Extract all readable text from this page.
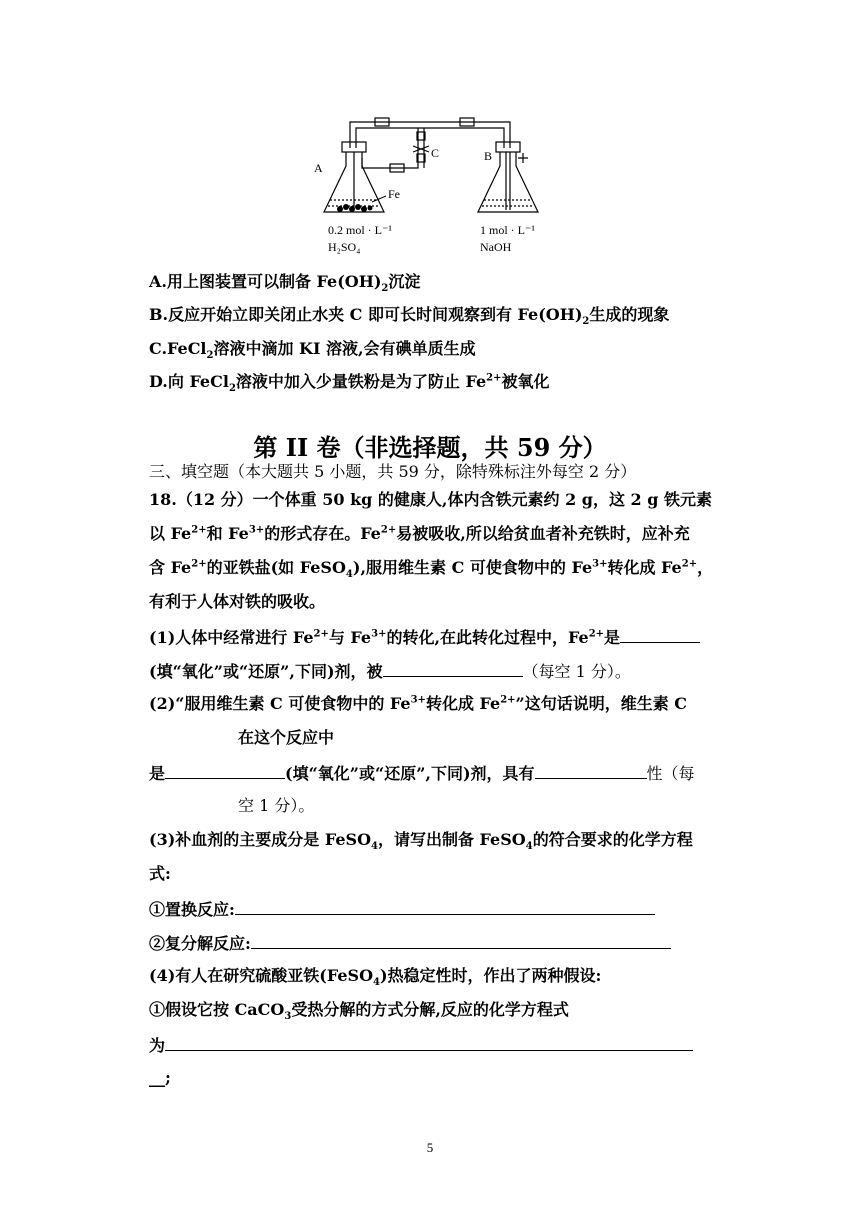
A
B
C
Fe
0.2 mol · L⁻¹
H₂SO₄
1 mol · L⁻¹
NaOH
A.用上图装置可以制备 $Fe(OH)_2$沉淀
B.反应开始立即关闭止水夹 C 即可长时间观察到有 $Fe(OH)_2$生成的现象
C.FeCl$_2$溶液中滴加 KI 溶液,会有碘单质生成
D.向 FeCl$_2$溶液中加入少量铁粉是为了防止 $Fe^{2+}$被氧化
第 II 卷（非选择题，共 59 分）
三、填空题（本大题共 5 小题，共 59 分，除特殊标注外每空 2 分）
18.（12 分）一个体重 50 kg 的健康人,体内含铁元素约 2 g，这 2 g 铁元素
以 $Fe^{2+}$和 $Fe^{3+}$的形式存在。$Fe^{2+}$易被吸收,所以给贫血者补充铁时，应补充
含 $Fe^{2+}$的亚铁盐(如 FeSO$_4$),服用维生素 C 可使食物中的 $Fe^{3+}$转化成 $Fe^{2+}$，
有利于人体对铁的吸收。
(1)人体中经常进行 $Fe^{2+}$与 $Fe^{3+}$的转化,在此转化过程中，$Fe^{2+}$是
(填“氧化”或“还原”,下同)剂，被	（每空 1 分）。
(2)“服用维生素 C 可使食物中的 $Fe^{3+}$转化成 $Fe^{2+}$”这句话说明，维生素 C
在这个反应中
是	(填“氧化”或“还原”,下同)剂，具有	性（每
空 1 分）。
(3)补血剂的主要成分是 FeSO$_4$，请写出制备 FeSO$_4$的符合要求的化学方程
式:
①置换反应:
②复分解反应:
(4)有人在研究硫酸亚铁(FeSO$_4$)热稳定性时，作出了两种假设:
①假设它按 CaCO$_3$受热分解的方式分解,反应的化学方程式
为
__;
5
